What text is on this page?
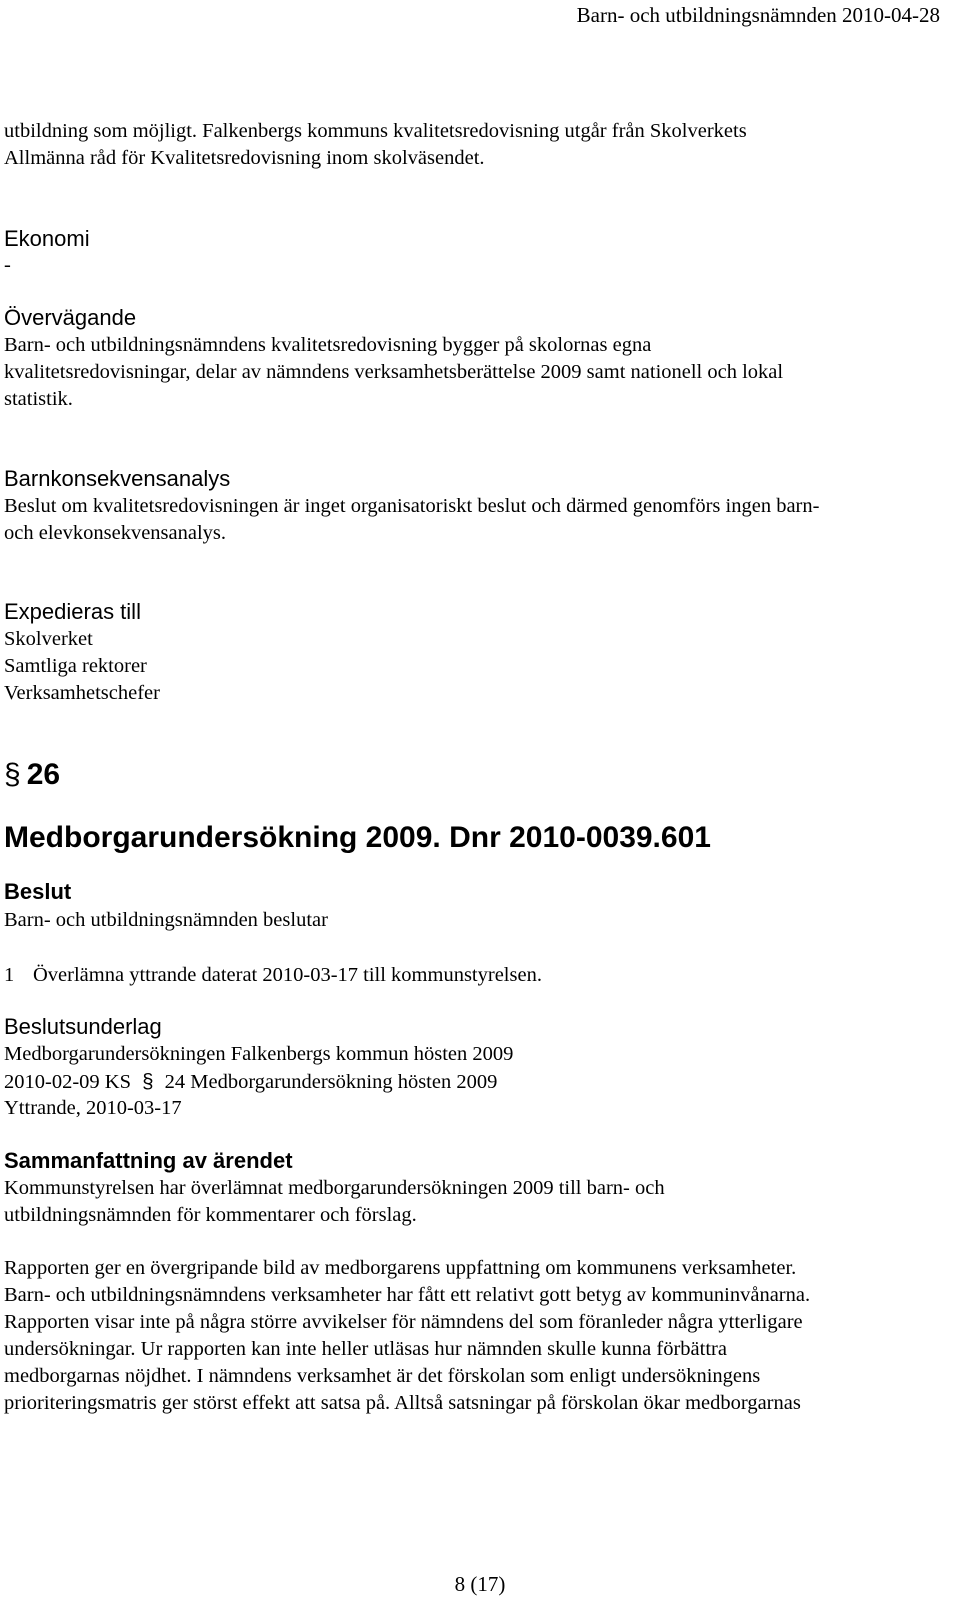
Barn- och utbildningsnämnden 2010-04-28
utbildning som möjligt. Falkenbergs kommuns kvalitetsredovisning utgår från Skolverkets
Allmänna råd för Kvalitetsredovisning inom skolväsendet.
Ekonomi
-
Övervägande
Barn- och utbildningsnämndens kvalitetsredovisning bygger på skolornas egna
kvalitetsredovisningar, delar av nämndens verksamhetsberättelse 2009 samt nationell och lokal
statistik.
Barnkonsekvensanalys
Beslut om kvalitetsredovisningen är inget organisatoriskt beslut och därmed genomförs ingen barn-
och elevkonsekvensanalys.
Expedieras till
Skolverket
Samtliga rektorer
Verksamhetschefer
§ 26
Medborgarundersökning 2009. Dnr 2010-0039.601
Beslut
Barn- och utbildningsnämnden beslutar
1 Överlämna yttrande daterat 2010-03-17 till kommunstyrelsen.
Beslutsunderlag
Medborgarundersökningen Falkenbergs kommun hösten 2009
2010-02-09 KS § 24 Medborgarundersökning hösten 2009
Yttrande, 2010-03-17
Sammanfattning av ärendet
Kommunstyrelsen har överlämnat medborgarundersökningen 2009 till barn- och
utbildningsnämnden för kommentarer och förslag.
Rapporten ger en övergripande bild av medborgarens uppfattning om kommunens verksamheter.
Barn- och utbildningsnämndens verksamheter har fått ett relativt gott betyg av kommuninvånarna.
Rapporten visar inte på några större avvikelser för nämndens del som föranleder några ytterligare
undersökningar. Ur rapporten kan inte heller utläsas hur nämnden skulle kunna förbättra
medborgarnas nöjdhet. I nämndens verksamhet är det förskolan som enligt undersökningens
prioriteringsmatris ger störst effekt att satsa på. Alltså satsningar på förskolan ökar medborgarnas
8 (17)
